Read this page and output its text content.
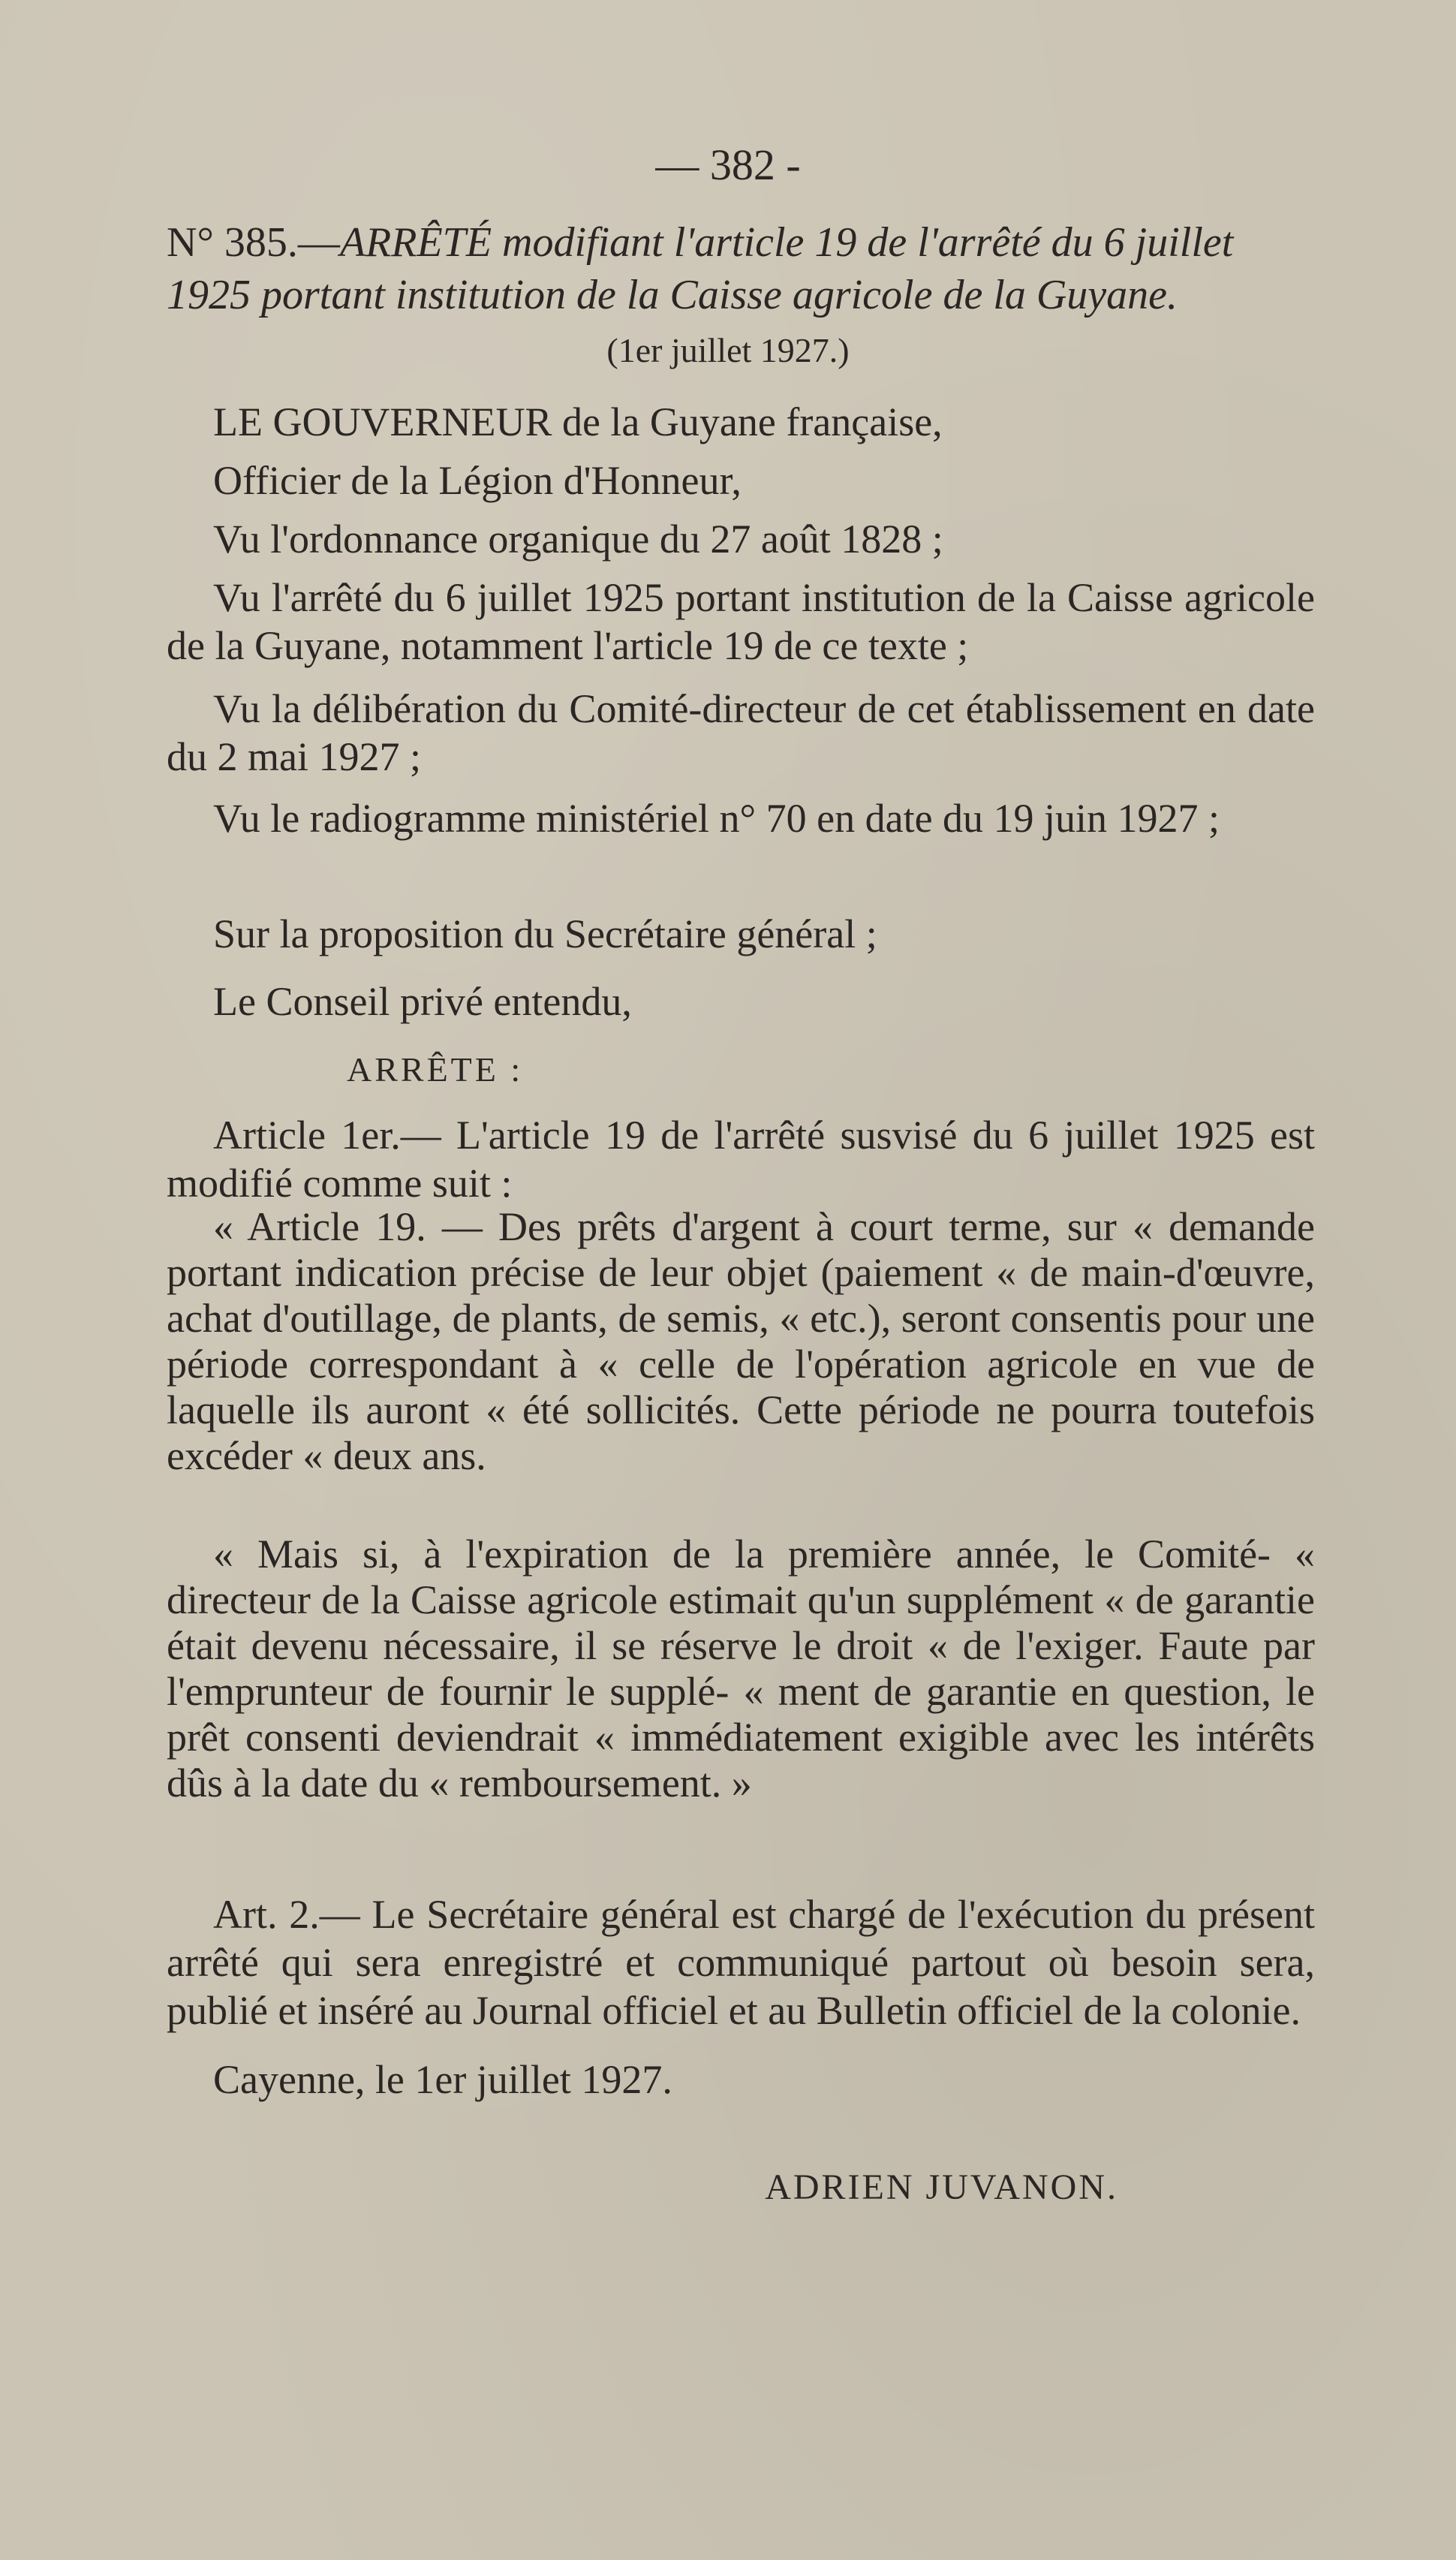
— 382 -
N° 385.—ARRÊTÉ modifiant l'article 19 de l'arrêté du 6 juillet 1925 portant institution de la Caisse agricole de la Guyane.
(1er juillet 1927.)
LE GOUVERNEUR de la Guyane française,
Officier de la Légion d'Honneur,
Vu l'ordonnance organique du 27 août 1828 ;
Vu l'arrêté du 6 juillet 1925 portant institution de la Caisse agricole de la Guyane, notamment l'article 19 de ce texte ;
Vu la délibération du Comité-directeur de cet établissement en date du 2 mai 1927 ;
Vu le radiogramme ministériel n° 70 en date du 19 juin 1927 ;
Sur la proposition du Secrétaire général ;
Le Conseil privé entendu,
ARRÊTE :
Article 1er.— L'article 19 de l'arrêté susvisé du 6 juillet 1925 est modifié comme suit :
« Article 19. — Des prêts d'argent à court terme, sur « demande portant indication précise de leur objet (paiement « de main-d'œuvre, achat d'outillage, de plants, de semis, « etc.), seront consentis pour une période correspondant à « celle de l'opération agricole en vue de laquelle ils auront « été sollicités. Cette période ne pourra toutefois excéder « deux ans.
« Mais si, à l'expiration de la première année, le Comité- « directeur de la Caisse agricole estimait qu'un supplément « de garantie était devenu nécessaire, il se réserve le droit « de l'exiger. Faute par l'emprunteur de fournir le supplé- « ment de garantie en question, le prêt consenti deviendrait « immédiatement exigible avec les intérêts dûs à la date du « remboursement. »
Art. 2.— Le Secrétaire général est chargé de l'exécution du présent arrêté qui sera enregistré et communiqué partout où besoin sera, publié et inséré au Journal officiel et au Bulletin officiel de la colonie.
Cayenne, le 1er juillet 1927.
ADRIEN JUVANON.
